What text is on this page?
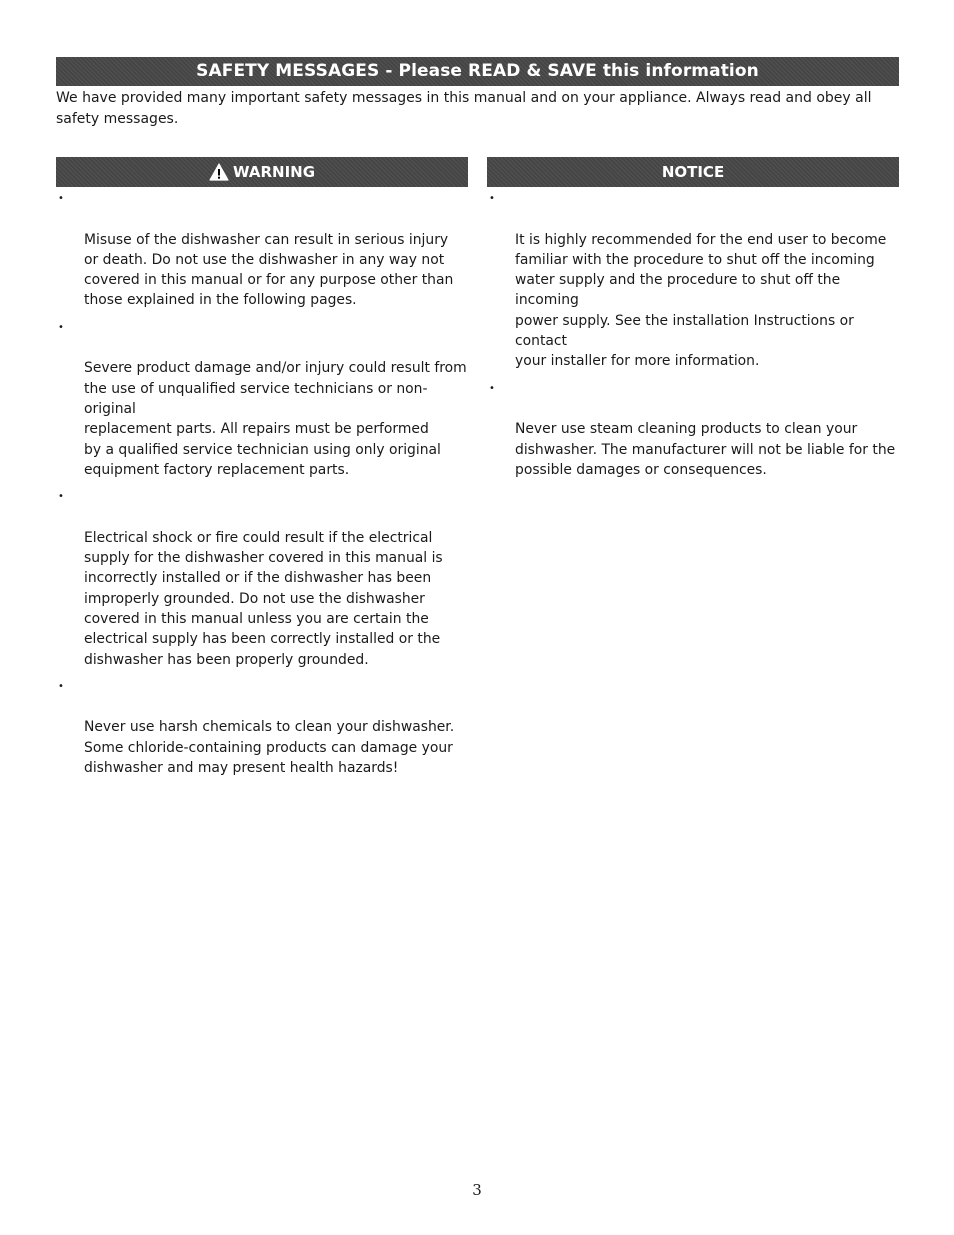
SAFETY MESSAGES - Please READ & SAVE this information

We have provided many important safety messages in this manual and on your appliance. Always read and obey all
safety messages.

WARNING	NOTICE

•

Misuse of the dishwasher can result in serious injury
or death. Do not use the dishwasher in any way not
covered in this manual or for any purpose other than
those explained in the following pages.

•

Severe product damage and/or injury could result from
the use of unqualified service technicians or non-original
replacement parts. All repairs must be performed
by a qualified service technician using only original
equipment factory replacement parts.

•

Electrical shock or fire could result if the electrical
supply for the dishwasher covered in this manual is
incorrectly installed or if the dishwasher has been
improperly grounded. Do not use the dishwasher
covered in this manual unless you are certain the
electrical supply has been correctly installed or the
dishwasher has been properly grounded.

•

Never use harsh chemicals to clean your dishwasher.
Some chloride-containing products can damage your
dishwasher and may present health hazards!

•

It is highly recommended for the end user to become
familiar with the procedure to shut off the incoming
water supply and the procedure to shut off the incoming
power supply. See the installation Instructions or contact
your installer for more information.

•

Never use steam cleaning products to clean your
dishwasher. The manufacturer will not be liable for the
possible damages or consequences.

3
